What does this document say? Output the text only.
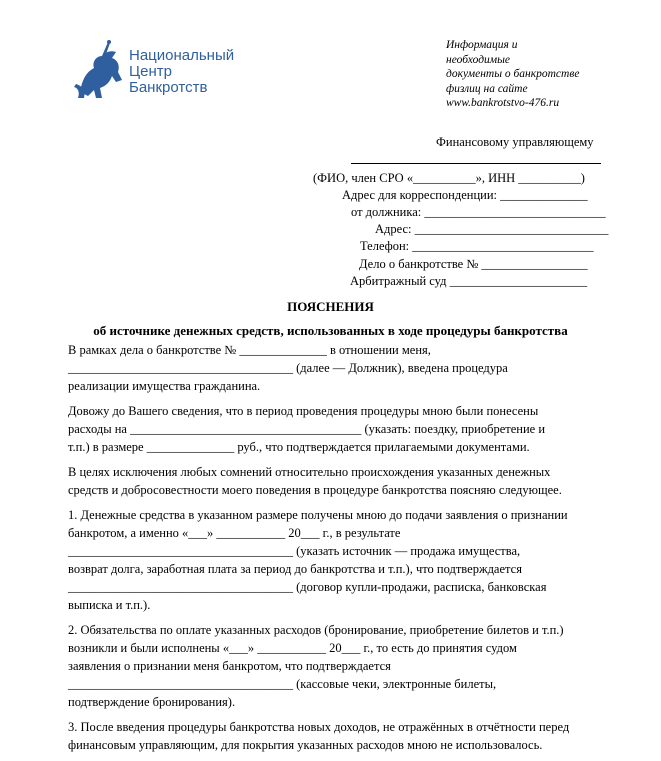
Национальный
Центр
Банкротств
Информация и
необходимые
документы о банкротстве
физлиц на сайте
www.bankrotstvo-476.ru
Финансовому управляющему
(ФИО, член СРО «__________», ИНН __________)
Адрес для корреспонденции: ______________
от должника: _____________________________
Адрес: _______________________________
Телефон: _____________________________
Дело о банкротстве № _________________
Арбитражный суд ______________________
ПОЯСНЕНИЯ
об источнике денежных средств, использованных в ходе процедуры банкротства

В рамках дела о банкротстве № ______________ в отношении меня,
____________________________________ (далее — Должник), введена процедура
реализации имущества гражданина.

Довожу до Вашего сведения, что в период проведения процедуры мною были понесены
расходы на _____________________________________ (указать: поездку, приобретение и
т.п.) в размере ______________ руб., что подтверждается прилагаемыми документами.

В целях исключения любых сомнений относительно происхождения указанных денежных
средств и добросовестности моего поведения в процедуре банкротства поясняю следующее.

1. Денежные средства в указанном размере получены мною до подачи заявления о признании
банкротом, а именно «___» ___________ 20___ г., в результате
____________________________________ (указать источник — продажа имущества,
возврат долга, заработная плата за период до банкротства и т.п.), что подтверждается
____________________________________ (договор купли-продажи, расписка, банковская
выписка и т.п.).

2. Обязательства по оплате указанных расходов (бронирование, приобретение билетов и т.п.)
возникли и были исполнены «___» ___________ 20___ г., то есть до принятия судом
заявления о признании меня банкротом, что подтверждается
____________________________________ (кассовые чеки, электронные билеты,
подтверждение бронирования).

3. После введения процедуры банкротства новых доходов, не отражённых в отчётности перед
финансовым управляющим, для покрытия указанных расходов мною не использовалось.
